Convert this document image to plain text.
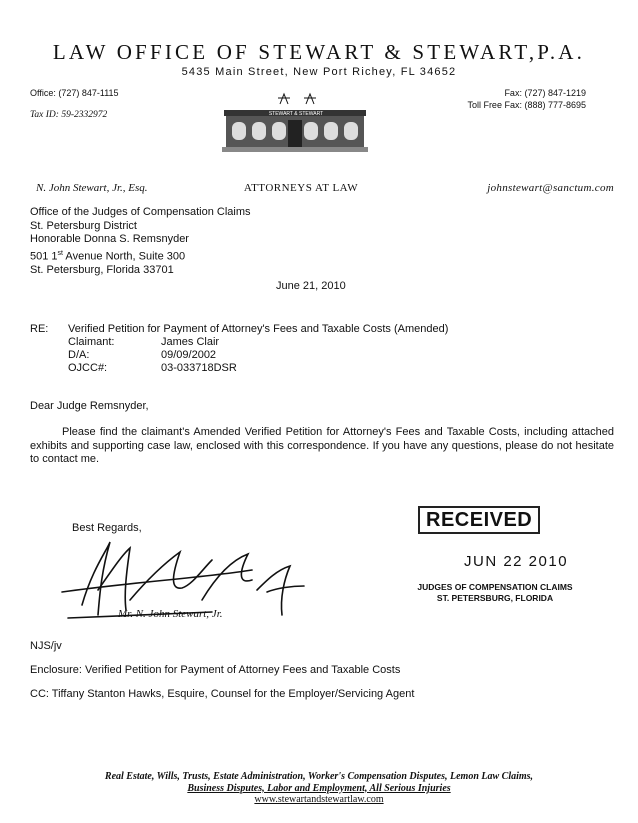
LAW OFFICE OF STEWART & STEWART,P.A.
5435 Main Street, New Port Richey, FL 34652
Office: (727) 847-1115
Tax ID: 59-2332972
Fax: (727) 847-1219
Toll Free Fax: (888) 777-8695
STEWART & STEWART
N. John Stewart, Jr., Esq.	ATTORNEYS AT LAW	johnstewart@sanctum.com
Office of the Judges of Compensation Claims
St. Petersburg District
Honorable Donna S. Remsnyder
501 1st Avenue North, Suite 300
St. Petersburg, Florida 33701
June 21, 2010
RE: Verified Petition for Payment of Attorney's Fees and Taxable Costs (Amended)
Claimant:	James Clair
D/A:	09/09/2002
OJCC#:	03-033718DSR
Dear Judge Remsnyder,
Please find the claimant's Amended Verified Petition for Attorney's Fees and Taxable Costs, including attached exhibits and supporting case law, enclosed with this correspondence. If you have any questions, please do not hesitate to contact me.
Best Regards,
Mr. N. John Stewart, Jr.
RECEIVED
JUN 22 2010
JUDGES OF COMPENSATION CLAIMS
ST. PETERSBURG, FLORIDA
NJS/jv
Enclosure: Verified Petition for Payment of Attorney Fees and Taxable Costs
CC: Tiffany Stanton Hawks, Esquire, Counsel for the Employer/Servicing Agent
Real Estate, Wills, Trusts, Estate Administration, Worker's Compensation Disputes, Lemon Law Claims,
Business Disputes, Labor and Employment, All Serious Injuries
www.stewartandstewartlaw.com
